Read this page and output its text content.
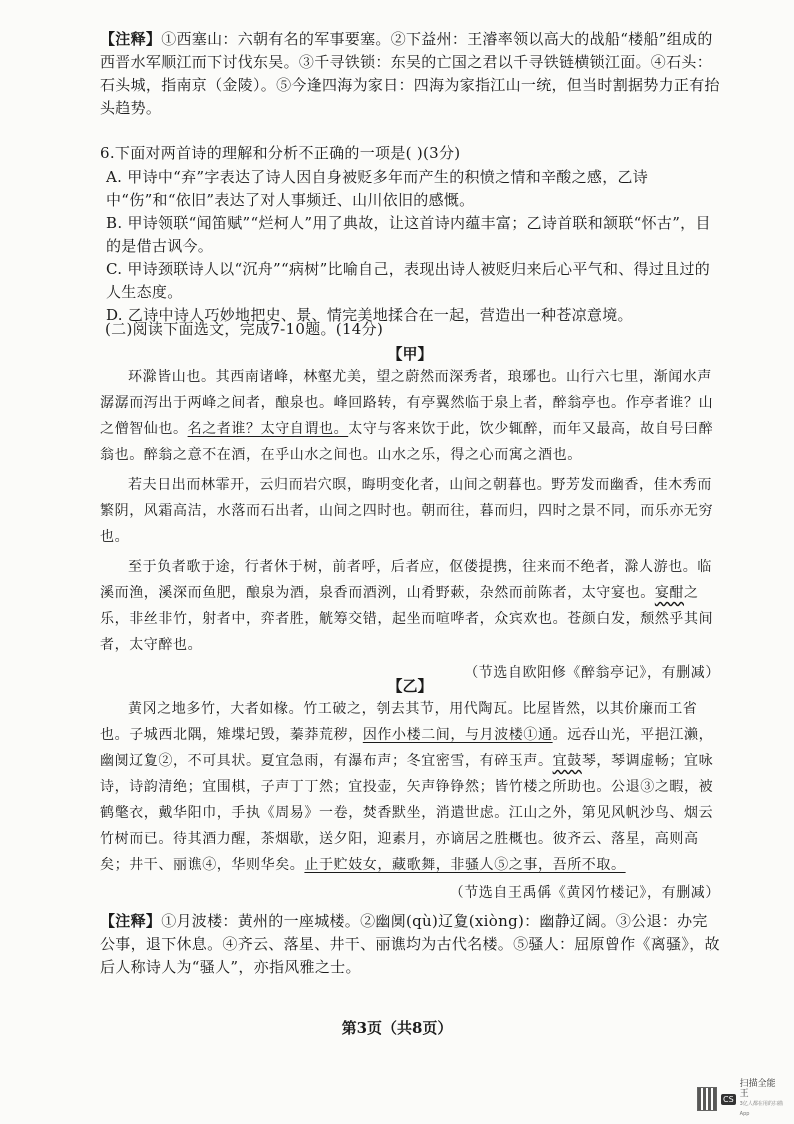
【注释】①西塞山：六朝有名的军事要塞。②下益州：王濬率领以高大的战船“楼船”组成的西晋水军顺江而下讨伐东吴。③千寻铁锁：东吴的亡国之君以千寻铁链横锁江面。④石头：石头城，指南京（金陵）。⑤今逢四海为家日：四海为家指江山一统，但当时割据势力正有抬头趋势。

6.下面对两首诗的理解和分析不正确的一项是( )(3分)

A. 甲诗中“弃”字表达了诗人因自身被贬多年而产生的积愤之情和辛酸之感，乙诗中“伤”和“依旧”表达了对人事频迁、山川依旧的感慨。

B. 甲诗领联“闻笛赋”“烂柯人”用了典故，让这首诗内蕴丰富；乙诗首联和颔联“怀古”，目的是借古讽今。

C. 甲诗颈联诗人以“沉舟”“病树”比喻自己，表现出诗人被贬归来后心平气和、得过且过的人生态度。

D. 乙诗中诗人巧妙地把史、景、情完美地揉合在一起，营造出一种苍凉意境。

(二)阅读下面选文，完成7-10题。(14分)

【甲】

环滁皆山也。其西南诸峰，林壑尤美，望之蔚然而深秀者，琅琊也。山行六七里，渐闻水声潺潺而泻出于两峰之间者，酿泉也。峰回路转，有亭翼然临于泉上者，醉翁亭也。作亭者谁？山之僧智仙也。名之者谁？太守自谓也。太守与客来饮于此，饮少辄醉，而年又最高，故自号曰醉翁也。醉翁之意不在酒，在乎山水之间也。山水之乐，得之心而寓之酒也。

若夫日出而林霏开，云归而岩穴暝，晦明变化者，山间之朝暮也。野芳发而幽香，佳木秀而繁阴，风霜高洁，水落而石出者，山间之四时也。朝而往，暮而归，四时之景不同，而乐亦无穷也。

至于负者歌于途，行者休于树，前者呼，后者应，伛偻提携，往来而不绝者，滁人游也。临溪而渔，溪深而鱼肥，酿泉为酒，泉香而酒洌，山肴野蔌，杂然而前陈者，太守宴也。宴酣之乐，非丝非竹，射者中，弈者胜，觥筹交错，起坐而喧哗者，众宾欢也。苍颜白发，颓然乎其间者，太守醉也。

（节选自欧阳修《醉翁亭记》，有删减）

【乙】

黄冈之地多竹，大者如椽。竹工破之，刳去其节，用代陶瓦。比屋皆然，以其价廉而工省也。子城西北隅，雉堞圮毁，蓁莽荒秽，因作小楼二间，与月波楼①通。远吞山光，平挹江濑，幽阒辽夐②，不可具状。夏宜急雨，有瀑布声；冬宜密雪，有碎玉声。宜鼓琴，琴调虚畅；宜咏诗，诗韵清绝；宜围棋，子声丁丁然；宜投壶，矢声铮铮然；皆竹楼之所助也。公退③之暇，被鹤氅衣，戴华阳巾，手执《周易》一卷，焚香默坐，消遣世虑。江山之外，第见风帆沙鸟、烟云竹树而已。待其酒力醒，茶烟歇，送夕阳，迎素月，亦谪居之胜概也。彼齐云、落星，高则高矣；井干、丽谯④，华则华矣。止于贮妓女，藏歌舞，非骚人⑤之事，吾所不取。

（节选自王禹偁《黄冈竹楼记》，有删减）

【注释】①月波楼：黄州的一座城楼。②幽阒(qù)辽夐(xiòng)：幽静辽阔。③公退：办完公事，退下休息。④齐云、落星、井干、丽谯均为古代名楼。⑤骚人：屈原曾作《离骚》，故后人称诗人为“骚人”，亦指风雅之士。

第3页（共8页）
CS
扫描全能王
3亿人都在用的扫描App
